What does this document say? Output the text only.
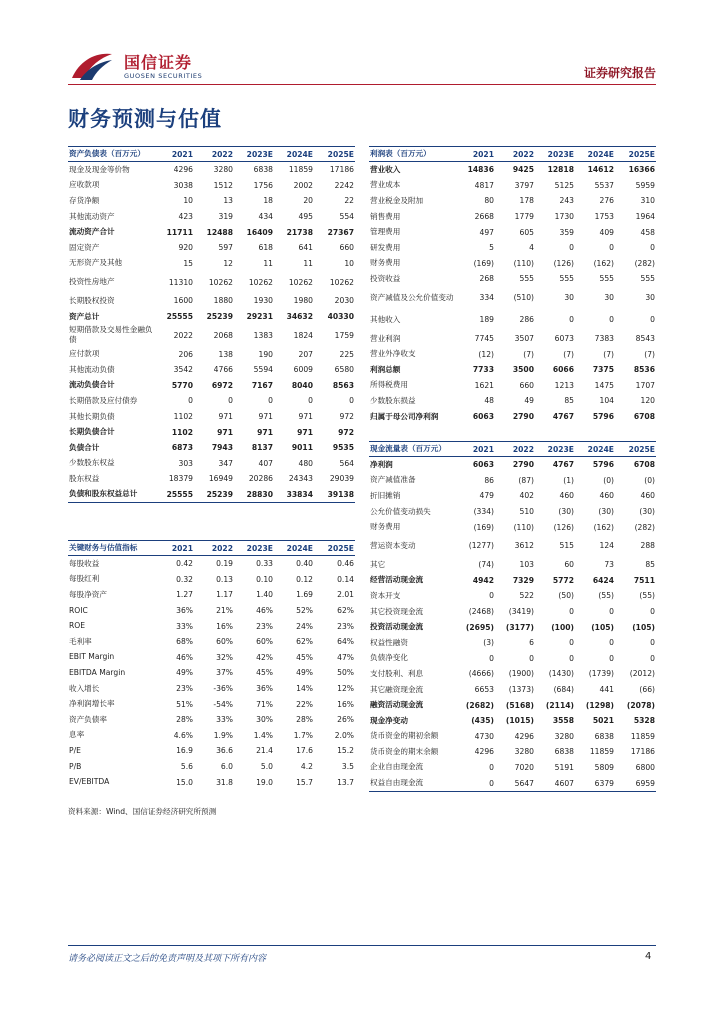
国信证券
GUOSEN SECURITIES	证券研究报告
财务预测与估值
资产负债表（百万元）	2021	2022	2023E	2024E	2025E
现金及现金等价物	4296	3280	6838	11859	17186
应收款项	3038	1512	1756	2002	2242
存货净额	10	13	18	20	22
其他流动资产	423	319	434	495	554
流动资产合计	11711	12488	16409	21738	27367
固定资产	920	597	618	641	660
无形资产及其他	15	12	11	11	10
投资性房地产	11310	10262	10262	10262	10262
长期股权投资	1600	1880	1930	1980	2030
资产总计	25555	25239	29231	34632	40330
短期借款及交易性金融负债	2022	2068	1383	1824	1759
应付款项	206	138	190	207	225
其他流动负债	3542	4766	5594	6009	6580
流动负债合计	5770	6972	7167	8040	8563
长期借款及应付债券	0	0	0	0	0
其他长期负债	1102	971	971	971	972
长期负债合计	1102	971	971	971	972
负债合计	6873	7943	8137	9011	9535
少数股东权益	303	347	407	480	564
股东权益	18379	16949	20286	24343	29039
负债和股东权益总计	25555	25239	28830	33834	39138
利润表（百万元）	2021	2022	2023E	2024E	2025E
营业收入	14836	9425	12818	14612	16366
营业成本	4817	3797	5125	5537	5959
营业税金及附加	80	178	243	276	310
销售费用	2668	1779	1730	1753	1964
管理费用	497	605	359	409	458
研发费用	5	4	0	0	0
财务费用	(169)	(110)	(126)	(162)	(282)
投资收益	268	555	555	555	555
资产减值及公允价值变动	334	(510)	30	30	30
其他收入	189	286	0	0	0
营业利润	7745	3507	6073	7383	8543
营业外净收支	(12)	(7)	(7)	(7)	(7)
利润总额	7733	3500	6066	7375	8536
所得税费用	1621	660	1213	1475	1707
少数股东损益	48	49	85	104	120
归属于母公司净利润	6063	2790	4767	5796	6708
关键财务与估值指标	2021	2022	2023E	2024E	2025E
每股收益	0.42	0.19	0.33	0.40	0.46
每股红利	0.32	0.13	0.10	0.12	0.14
每股净资产	1.27	1.17	1.40	1.69	2.01
ROIC	36%	21%	46%	52%	62%
ROE	33%	16%	23%	24%	23%
毛利率	68%	60%	60%	62%	64%
EBIT Margin	46%	32%	42%	45%	47%
EBITDA Margin	49%	37%	45%	49%	50%
收入增长	23%	-36%	36%	14%	12%
净利润增长率	51%	-54%	71%	22%	16%
资产负债率	28%	33%	30%	28%	26%
息率	4.6%	1.9%	1.4%	1.7%	2.0%
P/E	16.9	36.6	21.4	17.6	15.2
P/B	5.6	6.0	5.0	4.2	3.5
EV/EBITDA	15.0	31.8	19.0	15.7	13.7
现金流量表（百万元）	2021	2022	2023E	2024E	2025E
净利润	6063	2790	4767	5796	6708
资产减值准备	86	(87)	(1)	(0)	(0)
折旧摊销	479	402	460	460	460
公允价值变动损失	(334)	510	(30)	(30)	(30)
财务费用	(169)	(110)	(126)	(162)	(282)
营运资本变动	(1277)	3612	515	124	288
其它	(74)	103	60	73	85
经营活动现金流	4942	7329	5772	6424	7511
资本开支	0	522	(50)	(55)	(55)
其它投资现金流	(2468)	(3419)	0	0	0
投资活动现金流	(2695)	(3177)	(100)	(105)	(105)
权益性融资	(3)	6	0	0	0
负债净变化	0	0	0	0	0
支付股利、利息	(4666)	(1900)	(1430)	(1739)	(2012)
其它融资现金流	6653	(1373)	(684)	441	(66)
融资活动现金流	(2682)	(5168)	(2114)	(1298)	(2078)
现金净变动	(435)	(1015)	3558	5021	5328
货币资金的期初余额	4730	4296	3280	6838	11859
货币资金的期末余额	4296	3280	6838	11859	17186
企业自由现金流	0	7020	5191	5809	6800
权益自由现金流	0	5647	4607	6379	6959
资料来源：Wind、国信证券经济研究所预测
请务必阅读正文之后的免责声明及其项下所有内容	4
